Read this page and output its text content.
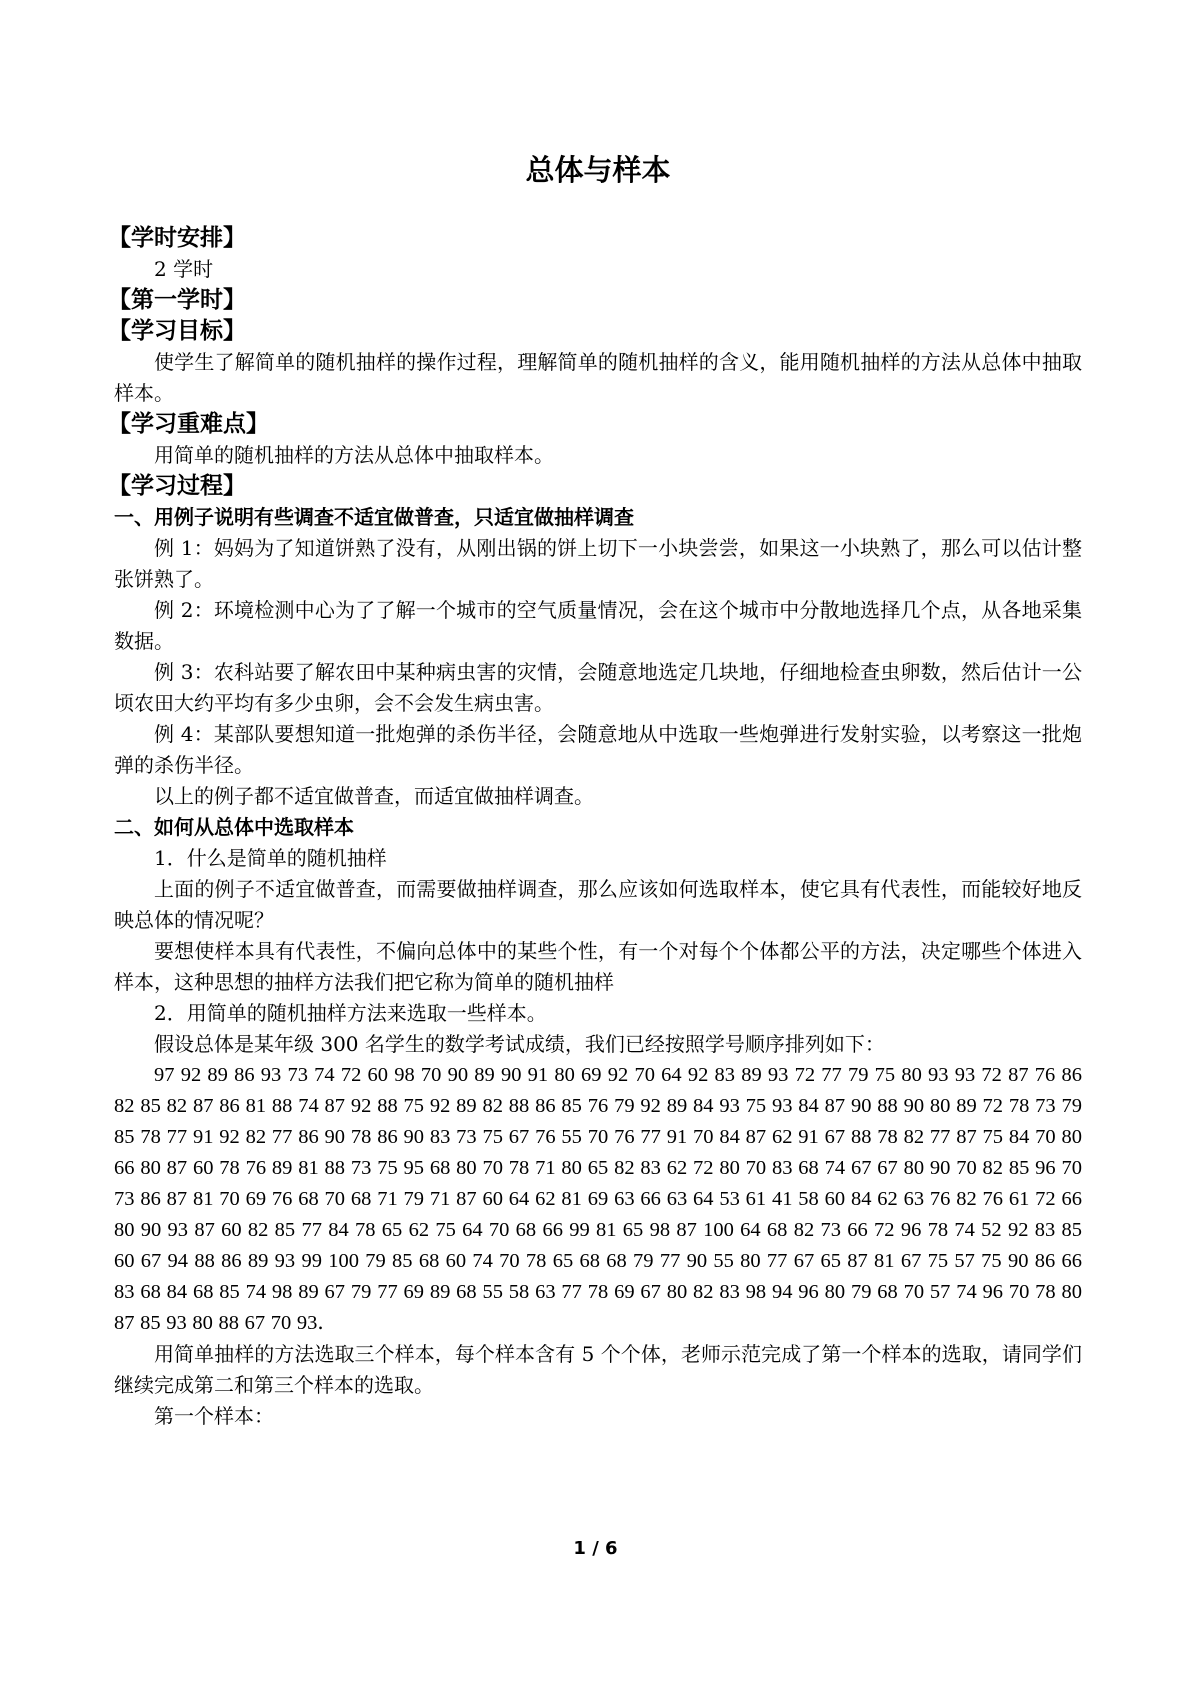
总体与样本
【学时安排】

2 学时

【第一学时】
【学习目标】

使学生了解简单的随机抽样的操作过程，理解简单的随机抽样的含义，能用随机抽样的方法从总体中抽取样本。

【学习重难点】

用简单的随机抽样的方法从总体中抽取样本。

【学习过程】
一、用例子说明有些调查不适宜做普查，只适宜做抽样调查

例 1：妈妈为了知道饼熟了没有，从刚出锅的饼上切下一小块尝尝，如果这一小块熟了，那么可以估计整张饼熟了。

例 2：环境检测中心为了了解一个城市的空气质量情况，会在这个城市中分散地选择几个点，从各地采集数据。

例 3：农科站要了解农田中某种病虫害的灾情，会随意地选定几块地，仔细地检查虫卵数，然后估计一公顷农田大约平均有多少虫卵，会不会发生病虫害。

例 4：某部队要想知道一批炮弹的杀伤半径，会随意地从中选取一些炮弹进行发射实验，以考察这一批炮弹的杀伤半径。

以上的例子都不适宜做普查，而适宜做抽样调查。

二、如何从总体中选取样本

1．什么是简单的随机抽样

上面的例子不适宜做普查，而需要做抽样调查，那么应该如何选取样本，使它具有代表性，而能较好地反映总体的情况呢？

要想使样本具有代表性，不偏向总体中的某些个性，有一个对每个个体都公平的方法，决定哪些个体进入样本，这种思想的抽样方法我们把它称为简单的随机抽样

2．用简单的随机抽样方法来选取一些样本。

假设总体是某年级 300 名学生的数学考试成绩，我们已经按照学号顺序排列如下：

97 92 89 86 93 73 74 72 60 98 70 90 89 90 91 80 69 92 70 64 92 83 89 93 72 77 79 75 80 93 93 72 87 76 86 82 85 82 87 86 81 88 74 87 92 88 75 92 89 82 88 86 85 76 79 92 89 84 93 75 93 84 87 90 88 90 80 89 72 78 73 79 85 78 77 91 92 82 77 86 90 78 86 90 83 73 75 67 76 55 70 76 77 91 70 84 87 62 91 67 88 78 82 77 87 75 84 70 80 66 80 87 60 78 76 89 81 88 73 75 95 68 80 70 78 71 80 65 82 83 62 72 80 70 83 68 74 67 67 80 90 70 82 85 96 70 73 86 87 81 70 69 76 68 70 68 71 79 71 87 60 64 62 81 69 63 66 63 64 53 61 41 58 60 84 62 63 76 82 76 61 72 66 80 90 93 87 60 82 85 77 84 78 65 62 75 64 70 68 66 99 81 65 98 87 100 64 68 82 73 66 72 96 78 74 52 92 83 85 60 67 94 88 86 89 93 99 100 79 85 68 60 74 70 78 65 68 68 79 77 90 55 80 77 67 65 87 81 67 75 57 75 90 86 66 83 68 84 68 85 74 98 89 67 79 77 69 89 68 55 58 63 77 78 69 67 80 82 83 98 94 96 80 79 68 70 57 74 96 70 78 80 87 85 93 80 88 67 70 93．

用简单抽样的方法选取三个样本，每个样本含有 5 个个体，老师示范完成了第一个样本的选取，请同学们继续完成第二和第三个样本的选取。

第一个样本：

1 / 6
